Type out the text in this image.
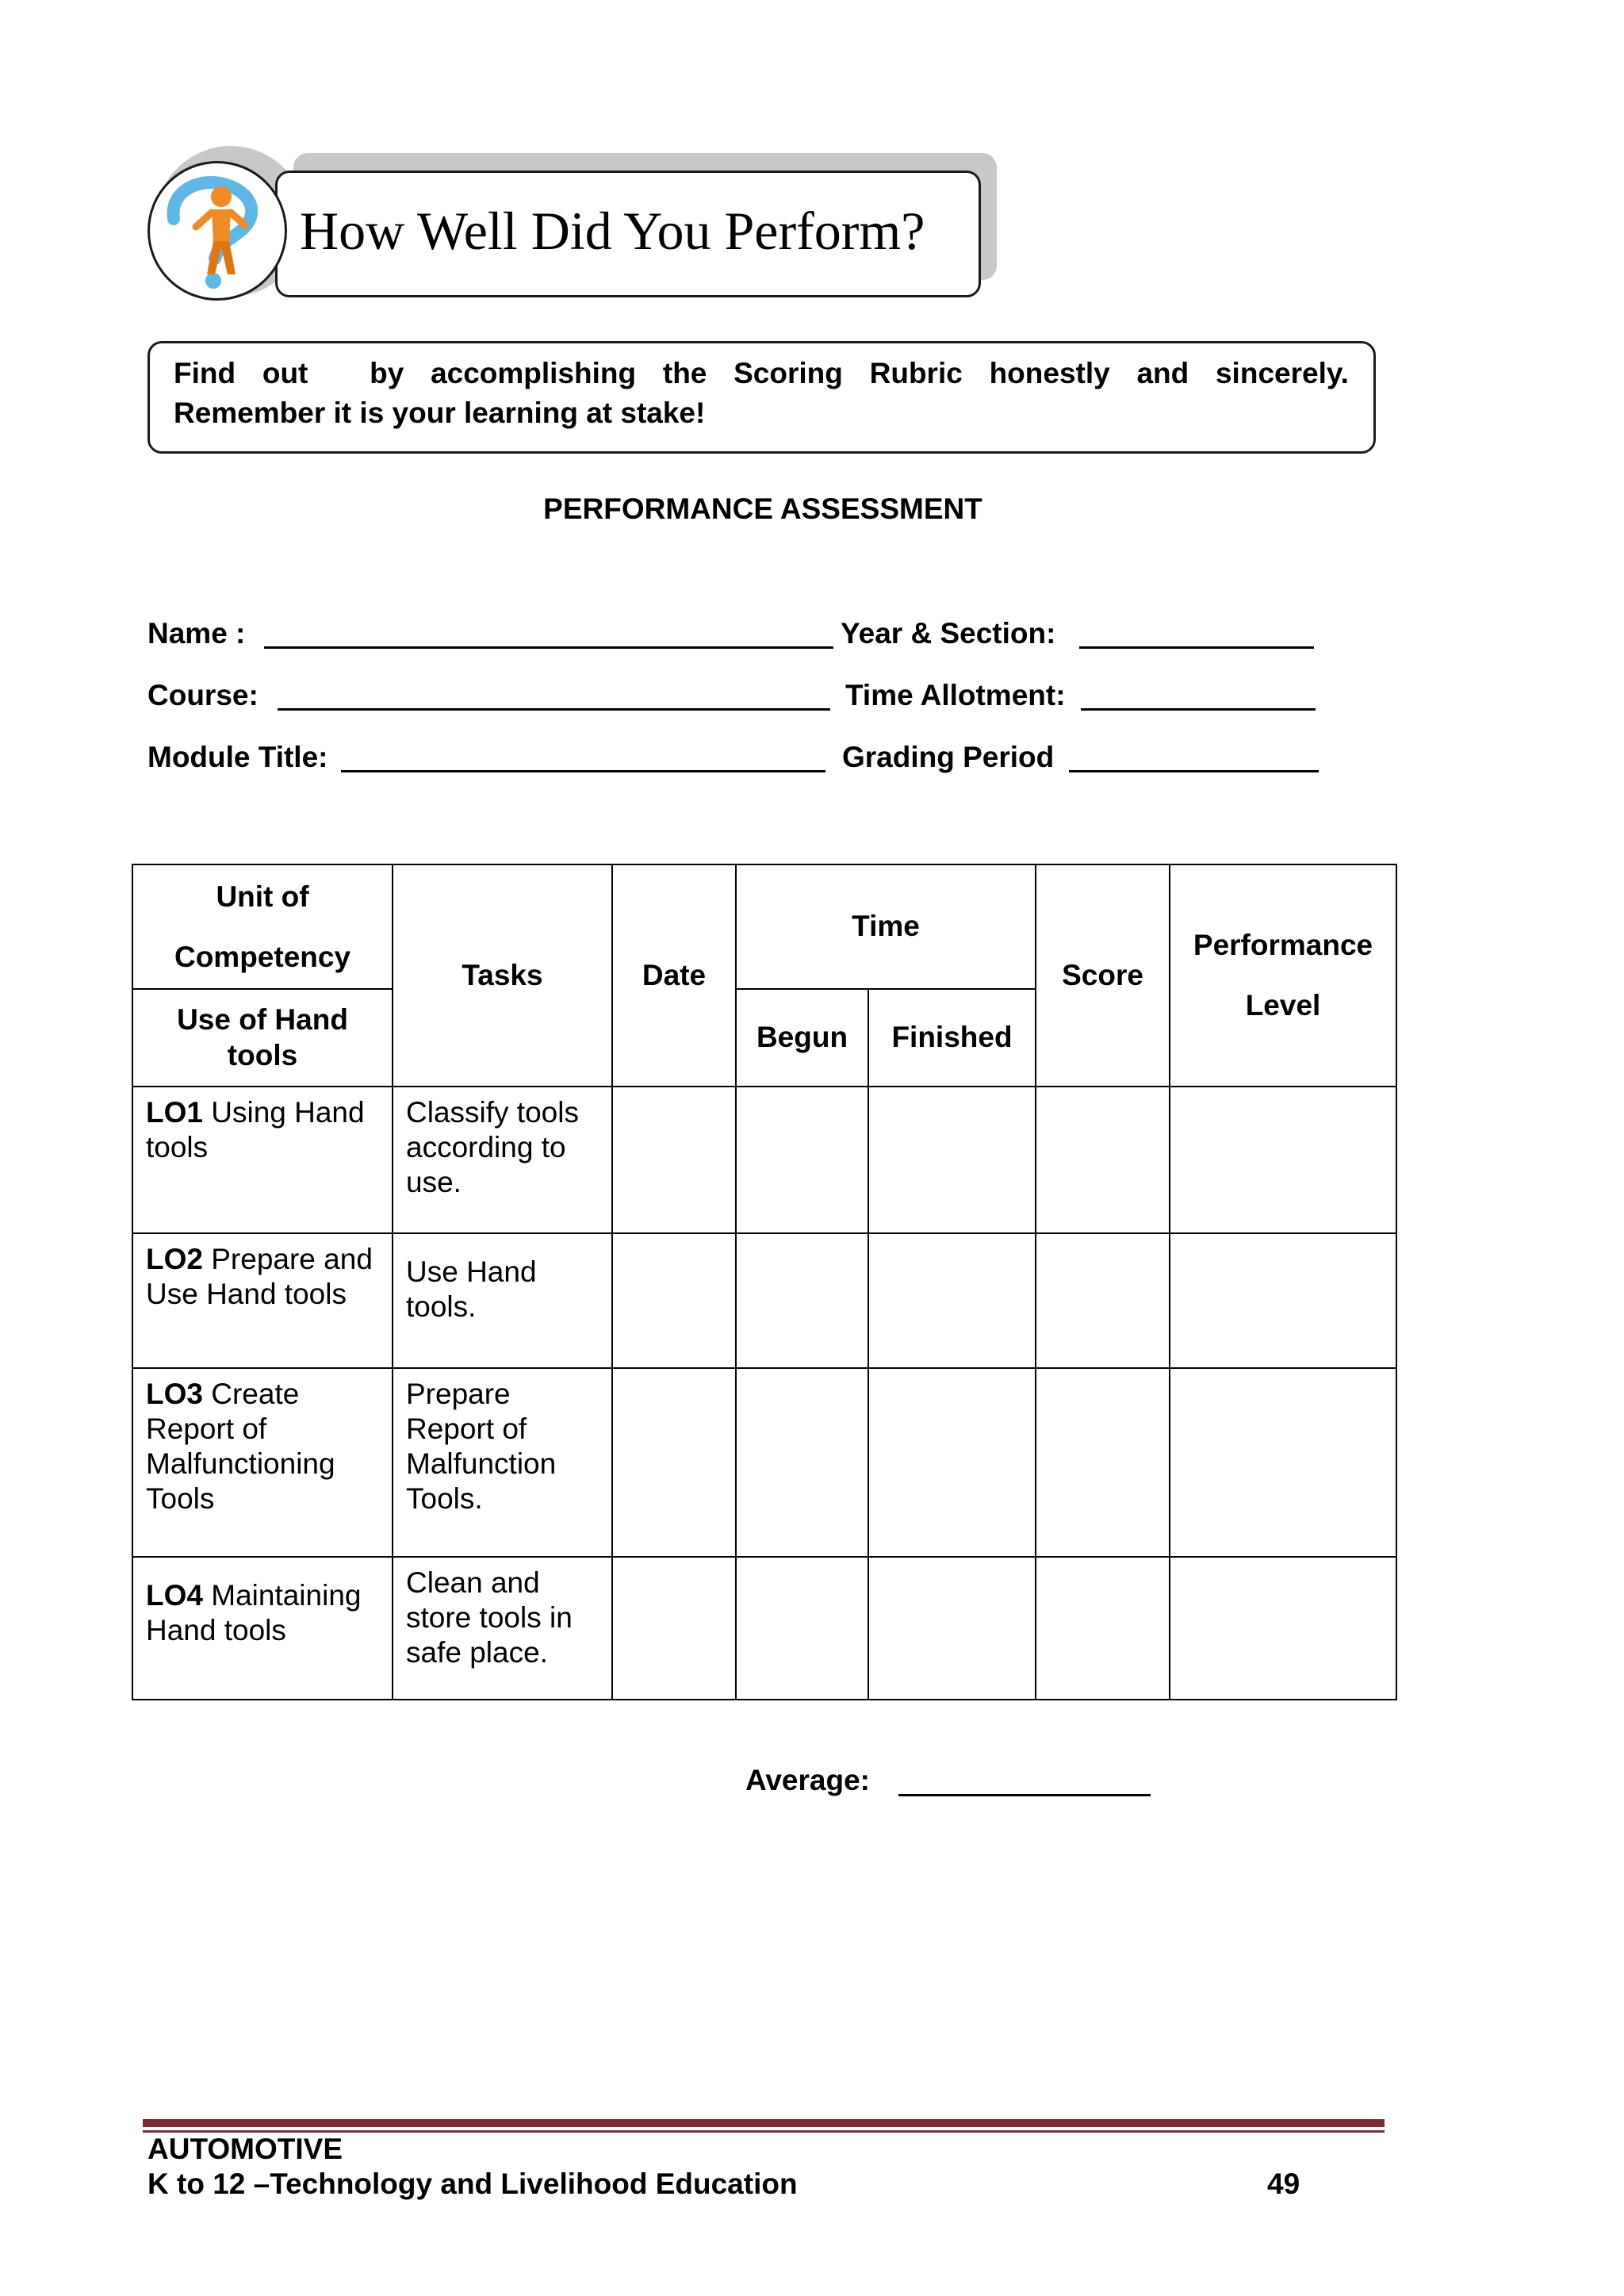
How Well Did You Perform?
Find out by accomplishing the Scoring Rubric honestly and sincerely.
Remember it is your learning at stake!
PERFORMANCE ASSESSMENT
Name :	Year & Section:
Course:	Time Allotment:
Module Title:	Grading Period
Unit of Competency	Tasks	Date	Time		Score	Performance Level
Use of Hand tools			Begun	Finished		
LO1 Using Hand tools	Classify tools according to use.					
LO2 Prepare and Use Hand tools	Use Hand tools.					
LO3 Create Report of Malfunctioning Tools	Prepare Report of Malfunction Tools.					
LO4 Maintaining Hand tools	Clean and store tools in safe place.					
Average:
AUTOMOTIVE
K to 12 –Technology and Livelihood Education	49
